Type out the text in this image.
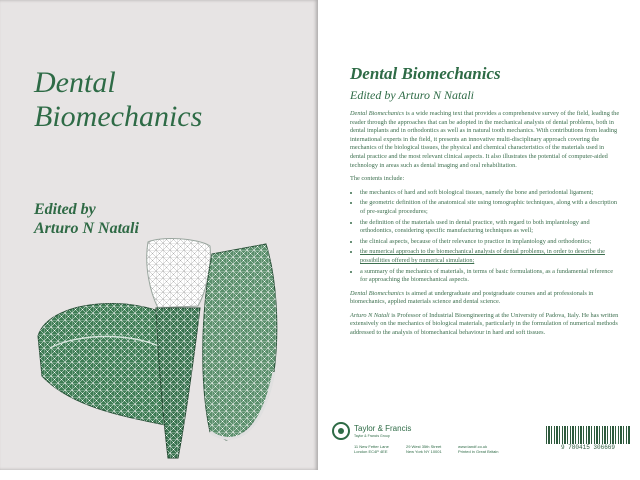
Dental
Biomechanics
Edited by
Arturo N Natali
Dental Biomechanics
Edited by Arturo N Natali

Dental Biomechanics is a wide reaching text that provides a comprehensive survey of the field, leading the reader through the approaches that can be adopted in the mechanical analysis of dental problems, both in dental implants and in orthodontics as well as in natural tooth mechanics. With contributions from leading international experts in the field, it presents an innovative multi-disciplinary approach covering the mechanics of the biological tissues, the physical and chemical characteristics of the materials used in dental practice and the most relevant clinical aspects. It also illustrates the potential of computer-aided technology in areas such as dental imaging and oral rehabilitation.

The contents include:

• the mechanics of hard and soft biological tissues, namely the bone and periodontal ligament;
• the geometric definition of the anatomical site using tomographic techniques, along with a description of pre-surgical procedures;
• the definition of the materials used in dental practice, with regard to both implantology and orthodontics, considering specific manufacturing techniques as well;
• the clinical aspects, because of their relevance to practice in implantology and orthodontics;
• the numerical approach to the biomechanical analysis of dental problems, in order to describe the possibilities offered by numerical simulation;
• a summary of the mechanics of materials, in terms of basic formulations, as a fundamental reference for approaching the biomechanical aspects.

Dental Biomechanics is aimed at undergraduate and postgraduate courses and at professionals in biomechanics, applied materials science and dental science.

Arturo N Natali is Professor of Industrial Bioengineering at the University of Padova, Italy. He has written extensively on the mechanics of biological materials, particularly in the formulation of numerical methods addressed to the analysis of biomechanical behaviour in hard and soft tissues.

Taylor & Francis
Taylor & Francis Group
11 New Fetter Lane
London EC4P 4EE
29 West 35th Street
New York NY 10001
www.tandf.co.uk
Printed in Great Britain
9 780415 306669
